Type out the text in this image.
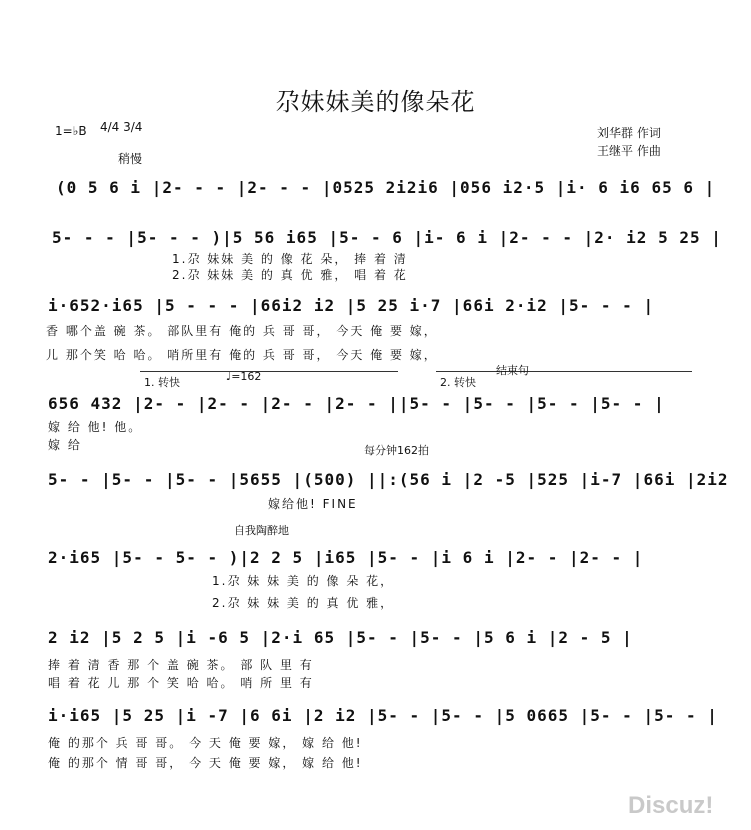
尕妹妹美的像朵花
1=♭B 4/4 3/4
稍慢
刘华群 作词
王继平 作曲
(0 5 6 i |2- - - |2- - - |0525 2i2i6 |056 i2·5 |i· 6 i6 65 6 |
5- - - |5- - - )|5 56 i65 |5- - 6 |i- 6 i |2- - - |2· i2 5 25 |
1.尕 妹妹 美 的 像 花 朵， 捧 着 清
2.尕 妹妹 美 的 真 优 雅， 唱 着 花
i·652·i65 |5 - - - |66i2 i2 |5 25 i·7 |66i 2·i2 |5- - - |
香 哪个盖 碗 茶。 部队里有 俺的 兵 哥 哥， 今天 俺 要 嫁，
儿 那个笑 哈 哈。 哨所里有 俺的 兵 哥 哥， 今天 俺 要 嫁，
1. 转快	♩=162	2. 转快
结束句
656 432 |2- - |2- - |2- - |2- - ||5- - |5- - |5- - |5- - |
嫁 给 他! 他。
嫁 给	每分钟162拍
5- - |5- - |5- - |5655 |(500) ||:(56 i |2 -5 |525 |i-7 |66i |2i2
嫁给他! FINE
自我陶醉地
2·i65 |5- - 5- - )|2 2 5 |i65 |5- - |i 6 i |2- - |2- - |
1.尕 妹 妹 美 的 像 朵 花，
2.尕 妹 妹 美 的 真 优 雅，
2 i2 |5 2 5 |i -6 5 |2·i 65 |5- - |5- - |5 6 i |2 - 5 |
捧 着 清 香 那 个 盖 碗 茶。 部 队 里 有
唱 着 花 儿 那 个 笑 哈 哈。 哨 所 里 有
i·i65 |5 25 |i -7 |6 6i |2 i2 |5- - |5- - |5 0665 |5- - |5- - |
俺 的那个 兵 哥 哥。 今 天 俺 要 嫁， 嫁 给 他!
俺 的那个 情 哥 哥， 今 天 俺 要 嫁， 嫁 给 他!
Discuz!
